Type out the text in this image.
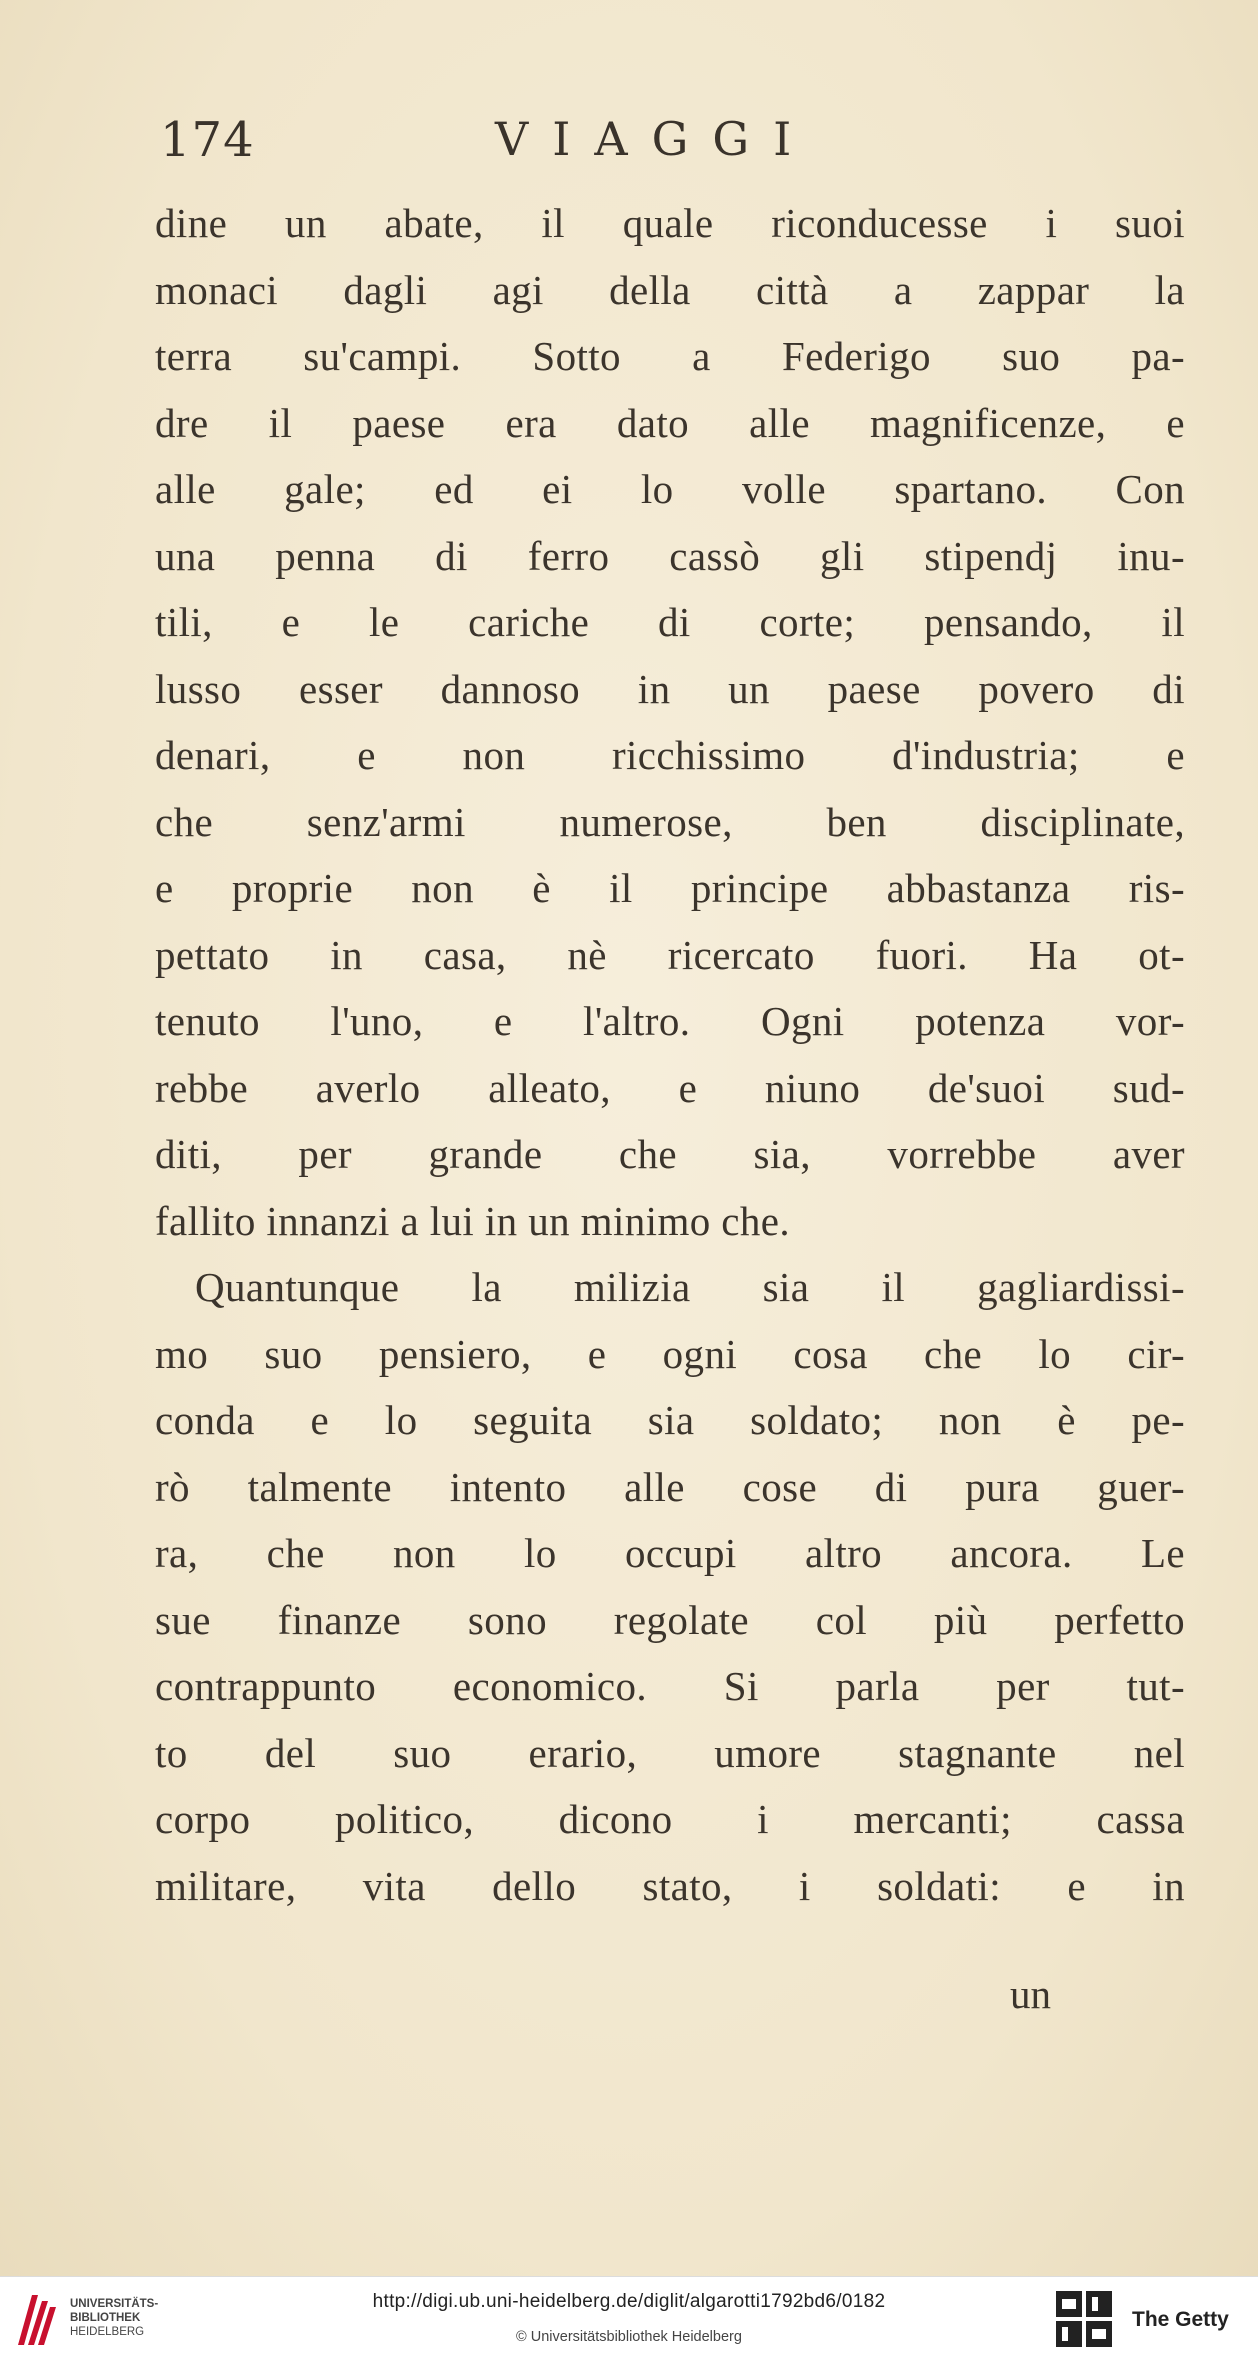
174	VIAGGI
dine un abate, il quale riconducesse i suoi
monaci dagli agi della città a zappar la
terra su'campi. Sotto a Federigo suo pa-
dre il paese era dato alle magnificenze, e
alle gale; ed ei lo volle spartano. Con
una penna di ferro cassò gli stipendj inu-
tili, e le cariche di corte; pensando, il
lusso esser dannoso in un paese povero di
denari, e non ricchissimo d'industria; e
che senz'armi numerose, ben disciplinate,
e proprie non è il principe abbastanza ris-
pettato in casa, nè ricercato fuori. Ha ot-
tenuto l'uno, e l'altro. Ogni potenza vor-
rebbe averlo alleato, e niuno de'suoi sud-
diti, per grande che sia, vorrebbe aver
fallito innanzi a lui in un minimo che.
Quantunque la milizia sia il gagliardissi-
mo suo pensiero, e ogni cosa che lo cir-
conda e lo seguita sia soldato; non è pe-
rò talmente intento alle cose di pura guer-
ra, che non lo occupi altro ancora. Le
sue finanze sono regolate col più perfetto
contrappunto economico. Si parla per tut-
to del suo erario, umore stagnante nel
corpo politico, dicono i mercanti; cassa
militare, vita dello stato, i soldati: e in
un
UNIVERSITÄTS-
BIBLIOTHEK
HEIDELBERG
http://digi.ub.uni-heidelberg.de/diglit/algarotti1792bd6/0182
© Universitätsbibliothek Heidelberg
The Getty
